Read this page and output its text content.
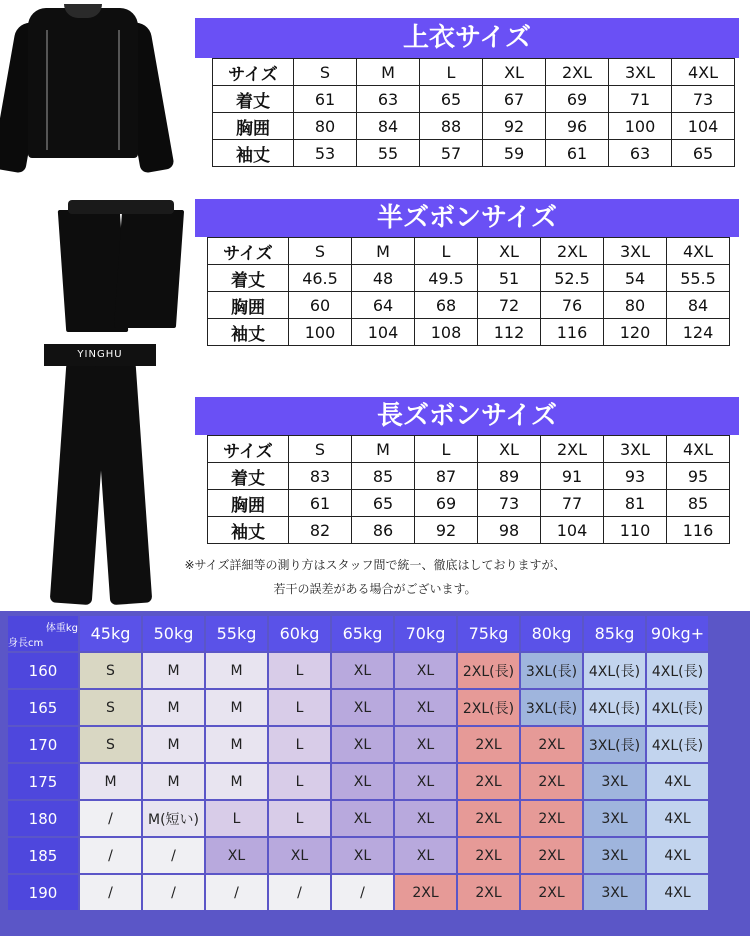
YINGHU
上衣サイズ
サイズ	S	M	L	XL	2XL	3XL	4XL
着丈	61	63	65	67	69	71	73
胸囲	80	84	88	92	96	100	104
袖丈	53	55	57	59	61	63	65
半ズボンサイズ
サイズ	S	M	L	XL	2XL	3XL	4XL
着丈	46.5	48	49.5	51	52.5	54	55.5
胸囲	60	64	68	72	76	80	84
袖丈	100	104	108	112	116	120	124
長ズボンサイズ
サイズ	S	M	L	XL	2XL	3XL	4XL
着丈	83	85	87	89	91	93	95
胸囲	61	65	69	73	77	81	85
袖丈	82	86	92	98	104	110	116
※サイズ詳細等の測り方はスタッフ間で統一、徹底はしておりますが、
若干の誤差がある場合がございます。
体重kg
身長cm	45kg	50kg	55kg	60kg	65kg	70kg	75kg	80kg	85kg	90kg+
160	S	M	M	L	XL	XL	2XL(長)	3XL(長)	4XL(長)	4XL(長)
165	S	M	M	L	XL	XL	2XL(長)	3XL(長)	4XL(長)	4XL(長)
170	S	M	M	L	XL	XL	2XL	2XL	3XL(長)	4XL(長)
175	M	M	M	L	XL	XL	2XL	2XL	3XL	4XL
180	/	M(短い)	L	L	XL	XL	2XL	2XL	3XL	4XL
185	/	/	XL	XL	XL	XL	2XL	2XL	3XL	4XL
190	/	/	/	/	/	2XL	2XL	2XL	3XL	4XL
